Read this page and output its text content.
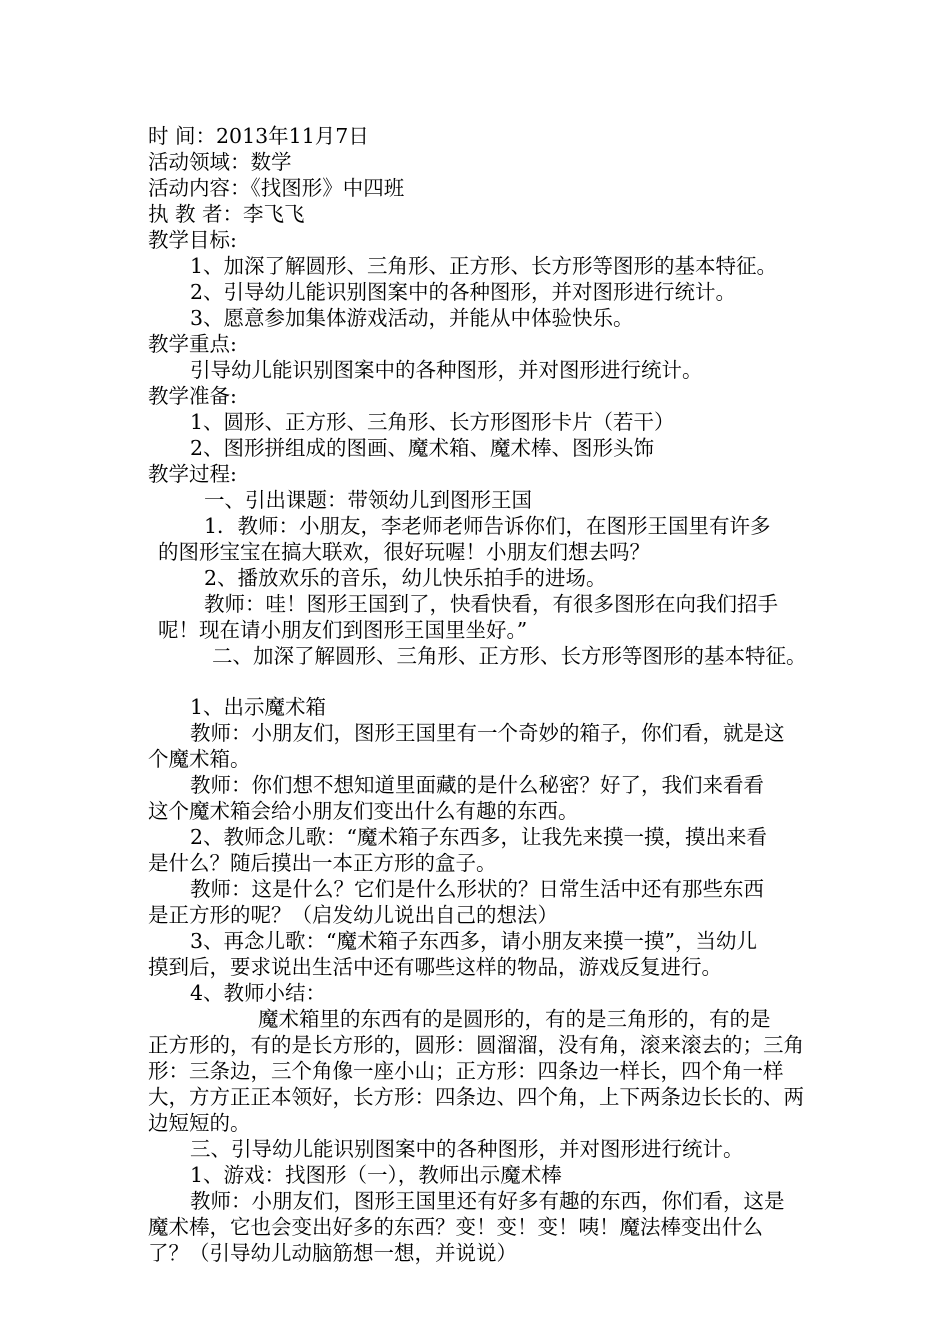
时 间：2013年11月7日
活动领域：数学
活动内容：《找图形》中四班
执 教 者：李飞飞
教学目标:
1、加深了解圆形、三角形、正方形、长方形等图形的基本特征。
2、引导幼儿能识别图案中的各种图形，并对图形进行统计。
3、愿意参加集体游戏活动，并能从中体验快乐。
教学重点:
引导幼儿能识别图案中的各种图形，并对图形进行统计。
教学准备:
1、圆形、正方形、三角形、长方形图形卡片（若干）
2、图形拼组成的图画、魔术箱、魔术棒、图形头饰
教学过程:
一、引出课题：带领幼儿到图形王国
1．教师：小朋友，李老师老师告诉你们，在图形王国里有许多
的图形宝宝在搞大联欢，很好玩喔！小朋友们想去吗？
2、播放欢乐的音乐，幼儿快乐拍手的进场。
教师：哇！图形王国到了，快看快看，有很多图形在向我们招手
呢！现在请小朋友们到图形王国里坐好。”
二、加深了解圆形、三角形、正方形、长方形等图形的基本特征。
1、出示魔术箱
教师：小朋友们，图形王国里有一个奇妙的箱子，你们看，就是这
个魔术箱。
教师：你们想不想知道里面藏的是什么秘密？好了，我们来看看
这个魔术箱会给小朋友们变出什么有趣的东西。
2、教师念儿歌：“魔术箱子东西多，让我先来摸一摸，摸出来看
是什么？随后摸出一本正方形的盒子。
教师：这是什么？它们是什么形状的？日常生活中还有那些东西
是正方形的呢？（启发幼儿说出自己的想法）
3、再念儿歌：“魔术箱子东西多，请小朋友来摸一摸”，当幼儿
摸到后，要求说出生活中还有哪些这样的物品，游戏反复进行。
4、教师小结：
魔术箱里的东西有的是圆形的，有的是三角形的，有的是
正方形的，有的是长方形的，圆形：圆溜溜，没有角，滚来滚去的；三角
形：三条边，三个角像一座小山；正方形：四条边一样长，四个角一样
大，方方正正本领好，长方形：四条边、四个角，上下两条边长长的、两
边短短的。
三、引导幼儿能识别图案中的各种图形，并对图形进行统计。
1、游戏：找图形（一），教师出示魔术棒
教师：小朋友们，图形王国里还有好多有趣的东西，你们看，这是
魔术棒，它也会变出好多的东西？变！变！变！咦！魔法棒变出什么
了？（引导幼儿动脑筋想一想，并说说）
